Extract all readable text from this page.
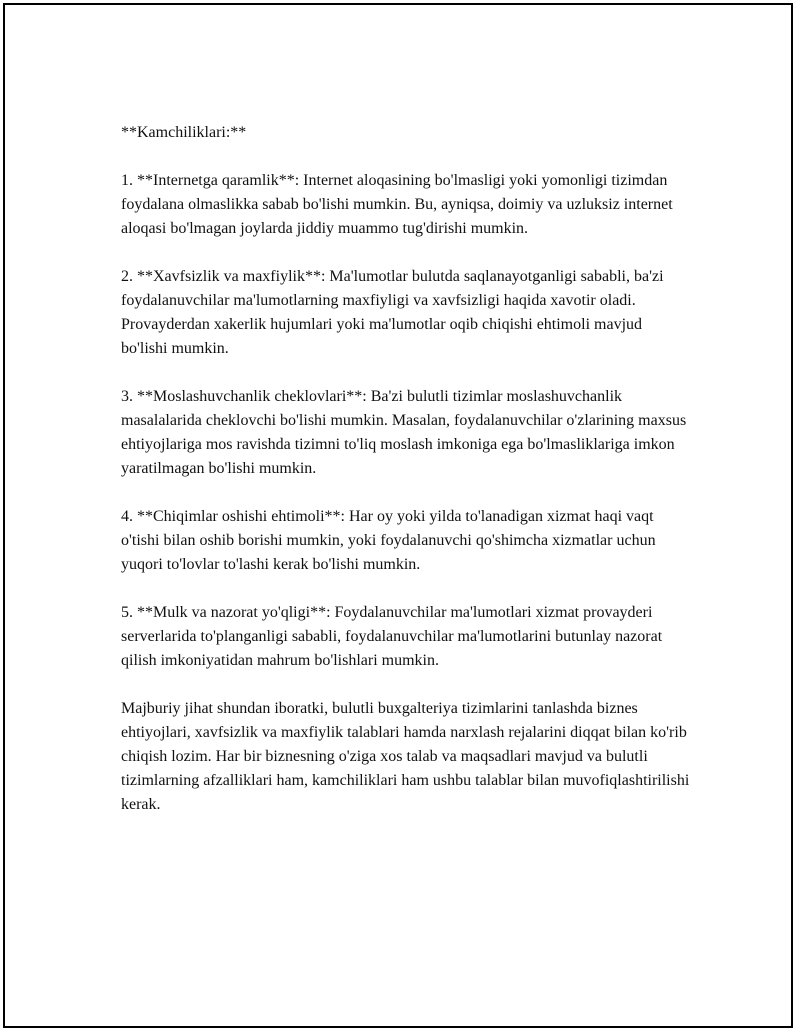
**Kamchiliklari:**

1. **Internetga qaramlik**: Internet aloqasining bo'lmasligi yoki yomonligi tizimdan foydalana olmaslikka sabab bo'lishi mumkin. Bu, ayniqsa, doimiy va uzluksiz internet aloqasi bo'lmagan joylarda jiddiy muammo tug'dirishi mumkin.

2. **Xavfsizlik va maxfiylik**: Ma'lumotlar bulutda saqlanayotganligi sababli, ba'zi foydalanuvchilar ma'lumotlarning maxfiyligi va xavfsizligi haqida xavotir oladi. Provayderdan xakerlik hujumlari yoki ma'lumotlar oqib chiqishi ehtimoli mavjud bo'lishi mumkin.

3. **Moslashuvchanlik cheklovlari**: Ba'zi bulutli tizimlar moslashuvchanlik masalalarida cheklovchi bo'lishi mumkin. Masalan, foydalanuvchilar o'zlarining maxsus ehtiyojlariga mos ravishda tizimni to'liq moslash imkoniga ega bo'lmasliklariga imkon yaratilmagan bo'lishi mumkin.

4. **Chiqimlar oshishi ehtimoli**: Har oy yoki yilda to'lanadigan xizmat haqi vaqt o'tishi bilan oshib borishi mumkin, yoki foydalanuvchi qo'shimcha xizmatlar uchun yuqori to'lovlar to'lashi kerak bo'lishi mumkin.

5. **Mulk va nazorat yo'qligi**: Foydalanuvchilar ma'lumotlari xizmat provayderi serverlarida to'planganligi sababli, foydalanuvchilar ma'lumotlarini butunlay nazorat qilish imkoniyatidan mahrum bo'lishlari mumkin.

Majburiy jihat shundan iboratki, bulutli buxgalteriya tizimlarini tanlashda biznes ehtiyojlari, xavfsizlik va maxfiylik talablari hamda narxlash rejalarini diqqat bilan ko'rib chiqish lozim. Har bir biznesning o'ziga xos talab va maqsadlari mavjud va bulutli tizimlarning afzalliklari ham, kamchiliklari ham ushbu talablar bilan muvofiqlashtirilishi kerak.
